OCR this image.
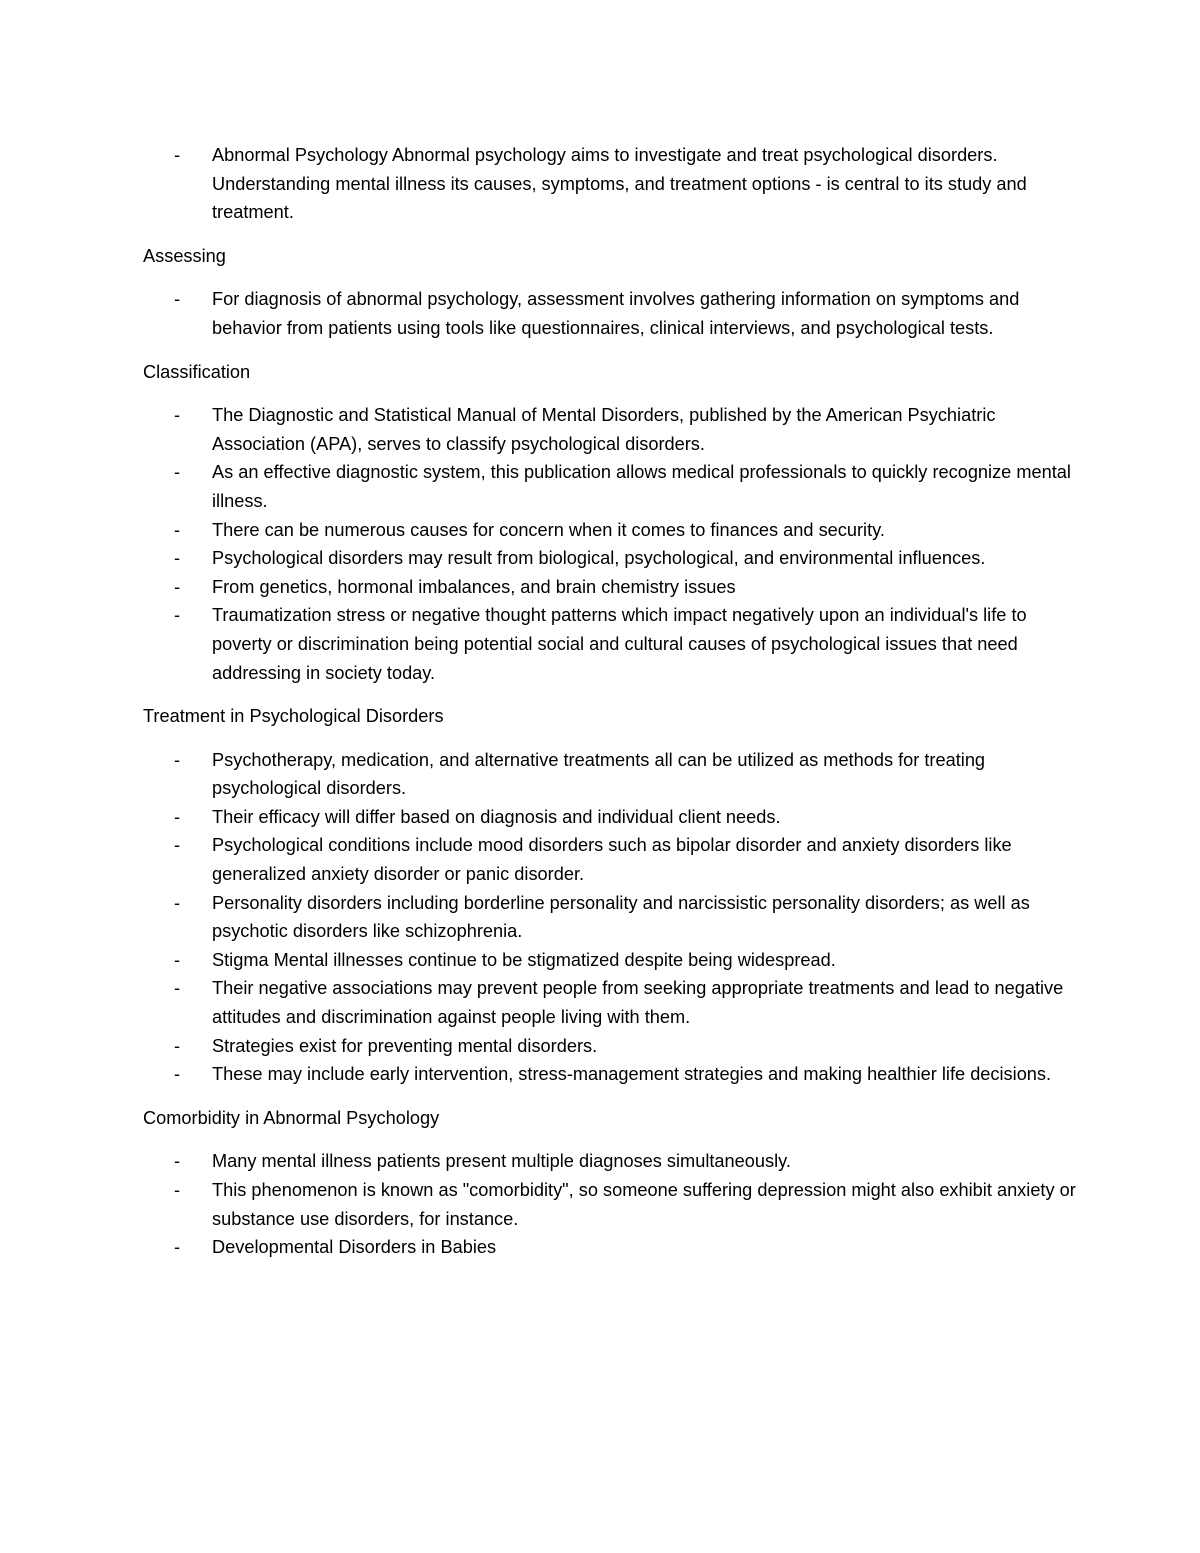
- Abnormal Psychology Abnormal psychology aims to investigate and treat psychological disorders. Understanding mental illness its causes, symptoms, and treatment options - is central to its study and treatment.
Assessing
- For diagnosis of abnormal psychology, assessment involves gathering information on symptoms and behavior from patients using tools like questionnaires, clinical interviews, and psychological tests.
Classification
- The Diagnostic and Statistical Manual of Mental Disorders, published by the American Psychiatric Association (APA), serves to classify psychological disorders.
- As an effective diagnostic system, this publication allows medical professionals to quickly recognize mental illness.
- There can be numerous causes for concern when it comes to finances and security.
- Psychological disorders may result from biological, psychological, and environmental influences.
- From genetics, hormonal imbalances, and brain chemistry issues
- Traumatization stress or negative thought patterns which impact negatively upon an individual's life to poverty or discrimination being potential social and cultural causes of psychological issues that need addressing in society today.
Treatment in Psychological Disorders
- Psychotherapy, medication, and alternative treatments all can be utilized as methods for treating psychological disorders.
- Their efficacy will differ based on diagnosis and individual client needs.
- Psychological conditions include mood disorders such as bipolar disorder and anxiety disorders like generalized anxiety disorder or panic disorder.
- Personality disorders including borderline personality and narcissistic personality disorders; as well as psychotic disorders like schizophrenia.
- Stigma Mental illnesses continue to be stigmatized despite being widespread.
- Their negative associations may prevent people from seeking appropriate treatments and lead to negative attitudes and discrimination against people living with them.
- Strategies exist for preventing mental disorders.
- These may include early intervention, stress-management strategies and making healthier life decisions.
Comorbidity in Abnormal Psychology
- Many mental illness patients present multiple diagnoses simultaneously.
- This phenomenon is known as "comorbidity", so someone suffering depression might also exhibit anxiety or substance use disorders, for instance.
- Developmental Disorders in Babies
